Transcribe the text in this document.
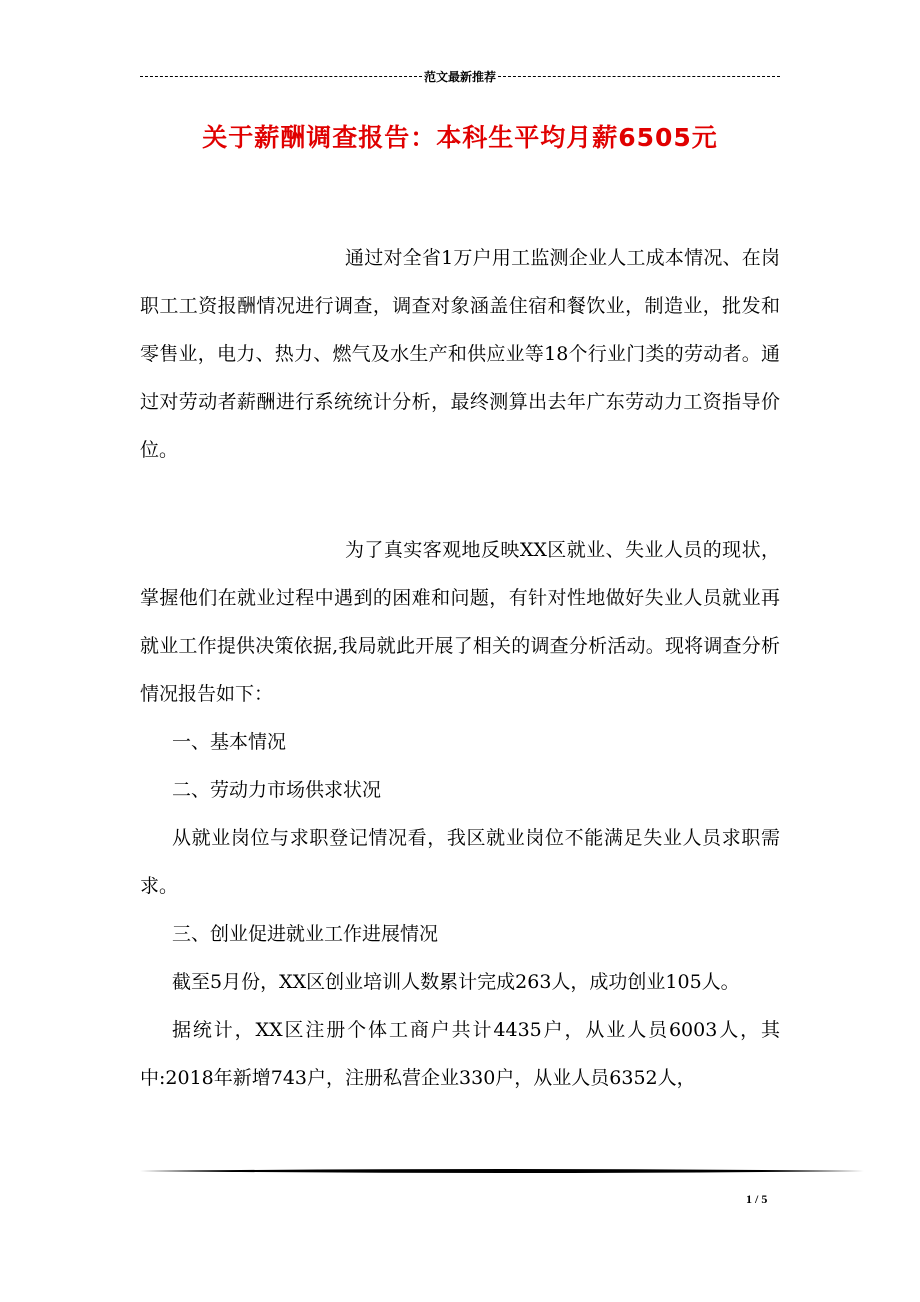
范文最新推荐
关于薪酬调查报告：本科生平均月薪6505元

通过对全省1万户用工监测企业人工成本情况、在岗职工工资报酬情况进行调查，调查对象涵盖住宿和餐饮业，制造业，批发和零售业，电力、热力、燃气及水生产和供应业等18个行业门类的劳动者。通过对劳动者薪酬进行系统统计分析，最终测算出去年广东劳动力工资指导价位。

为了真实客观地反映XX区就业、失业人员的现状，掌握他们在就业过程中遇到的困难和问题，有针对性地做好失业人员就业再就业工作提供决策依据,我局就此开展了相关的调查分析活动。现将调查分析情况报告如下：

一、基本情况

二、劳动力市场供求状况

从就业岗位与求职登记情况看，我区就业岗位不能满足失业人员求职需求。

三、创业促进就业工作进展情况

截至5月份，XX区创业培训人数累计完成263人，成功创业105人。

据统计，XX区注册个体工商户共计4435户，从业人员6003人，其中:2018年新增743户，注册私营企业330户，从业人员6352人，

1 / 5
